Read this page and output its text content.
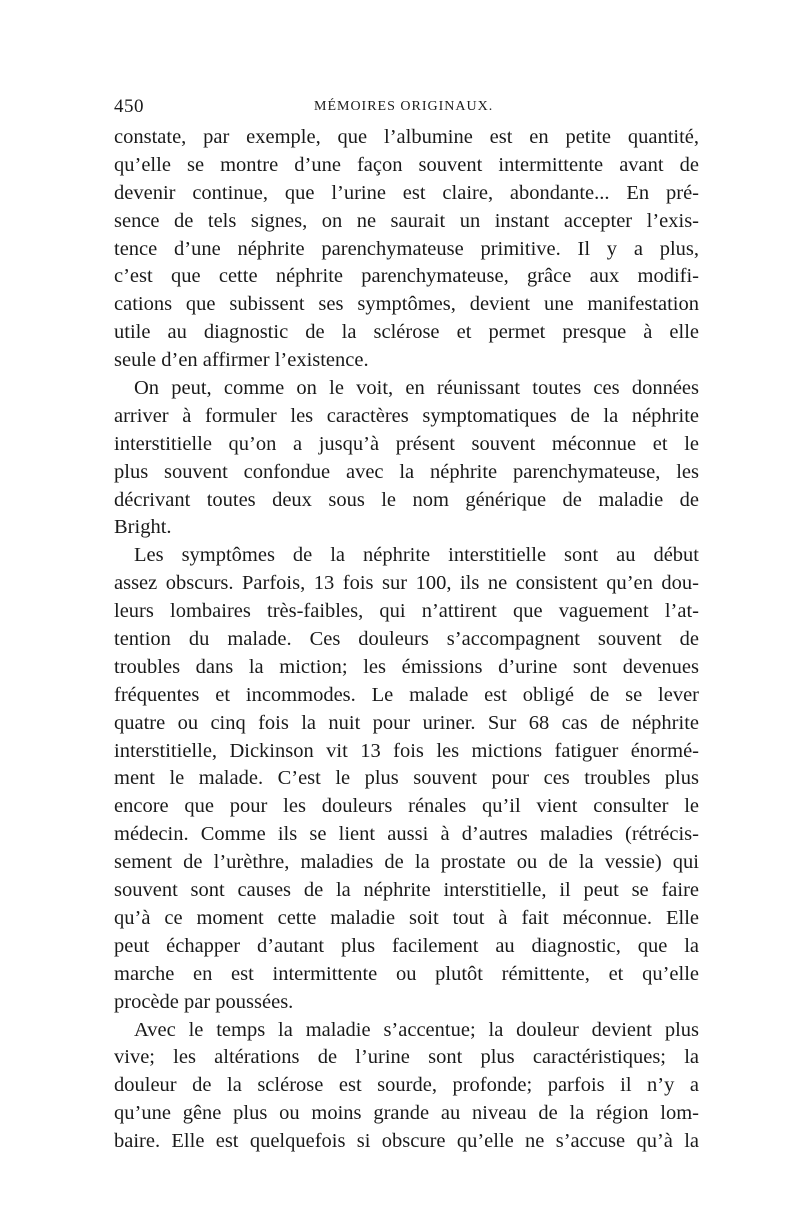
450	MÉMOIRES ORIGINAUX.
constate, par exemple, que l’albumine est en petite quantité,
qu’elle se montre d’une façon souvent intermittente avant de
devenir continue, que l’urine est claire, abondante... En pré-
sence de tels signes, on ne saurait un instant accepter l’exis-
tence d’une néphrite parenchymateuse primitive. Il y a plus,
c’est que cette néphrite parenchymateuse, grâce aux modifi-
cations que subissent ses symptômes, devient une manifestation
utile au diagnostic de la sclérose et permet presque à elle
seule d’en affirmer l’existence.
On peut, comme on le voit, en réunissant toutes ces données
arriver à formuler les caractères symptomatiques de la néphrite
interstitielle qu’on a jusqu’à présent souvent méconnue et le
plus souvent confondue avec la néphrite parenchymateuse, les
décrivant toutes deux sous le nom générique de maladie de
Bright.
Les symptômes de la néphrite interstitielle sont au début
assez obscurs. Parfois, 13 fois sur 100, ils ne consistent qu’en dou-
leurs lombaires très-faibles, qui n’attirent que vaguement l’at-
tention du malade. Ces douleurs s’accompagnent souvent de
troubles dans la miction; les émissions d’urine sont devenues
fréquentes et incommodes. Le malade est obligé de se lever
quatre ou cinq fois la nuit pour uriner. Sur 68 cas de néphrite
interstitielle, Dickinson vit 13 fois les mictions fatiguer énormé-
ment le malade. C’est le plus souvent pour ces troubles plus
encore que pour les douleurs rénales qu’il vient consulter le
médecin. Comme ils se lient aussi à d’autres maladies (rétrécis-
sement de l’urèthre, maladies de la prostate ou de la vessie) qui
souvent sont causes de la néphrite interstitielle, il peut se faire
qu’à ce moment cette maladie soit tout à fait méconnue. Elle
peut échapper d’autant plus facilement au diagnostic, que la
marche en est intermittente ou plutôt rémittente, et qu’elle
procède par poussées.
Avec le temps la maladie s’accentue; la douleur devient plus
vive; les altérations de l’urine sont plus caractéristiques; la
douleur de la sclérose est sourde, profonde; parfois il n’y a
qu’une gêne plus ou moins grande au niveau de la région lom-
baire. Elle est quelquefois si obscure qu’elle ne s’accuse qu’à la
